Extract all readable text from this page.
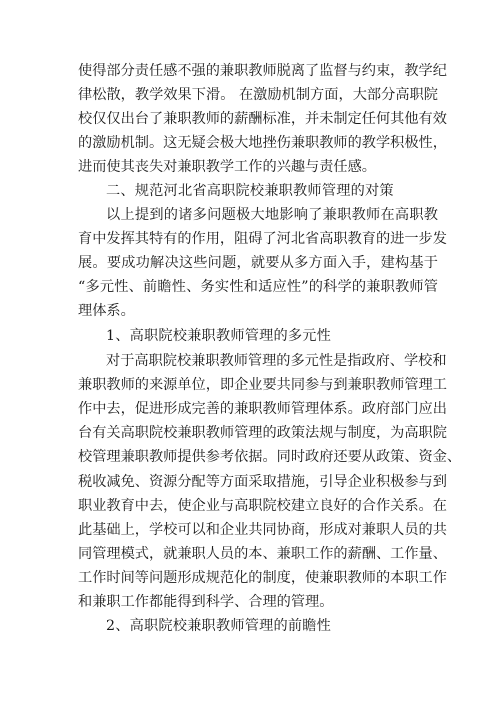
使得部分责任感不强的兼职教师脱离了监督与约束，教学纪
律松散，教学效果下滑。 在激励机制方面，大部分高职院
校仅仅出台了兼职教师的薪酬标准，并未制定任何其他有效
的激励机制。这无疑会极大地挫伤兼职教师的教学积极性，
进而使其丧失对兼职教学工作的兴趣与责任感。
二、规范河北省高职院校兼职教师管理的对策
以上提到的诸多问题极大地影响了兼职教师在高职教
育中发挥其特有的作用，阻碍了河北省高职教育的进一步发
展。要成功解决这些问题，就要从多方面入手，建构基于
“多元性、前瞻性、务实性和适应性”的科学的兼职教师管
理体系。
1、高职院校兼职教师管理的多元性
对于高职院校兼职教师管理的多元性是指政府、学校和
兼职教师的来源单位，即企业要共同参与到兼职教师管理工
作中去，促进形成完善的兼职教师管理体系。政府部门应出
台有关高职院校兼职教师管理的政策法规与制度，为高职院
校管理兼职教师提供参考依据。同时政府还要从政策、资金、
税收减免、资源分配等方面采取措施，引导企业积极参与到
职业教育中去，使企业与高职院校建立良好的合作关系。在
此基础上，学校可以和企业共同协商，形成对兼职人员的共
同管理模式，就兼职人员的本、兼职工作的薪酬、工作量、
工作时间等问题形成规范化的制度，使兼职教师的本职工作
和兼职工作都能得到科学、合理的管理。
2、高职院校兼职教师管理的前瞻性
